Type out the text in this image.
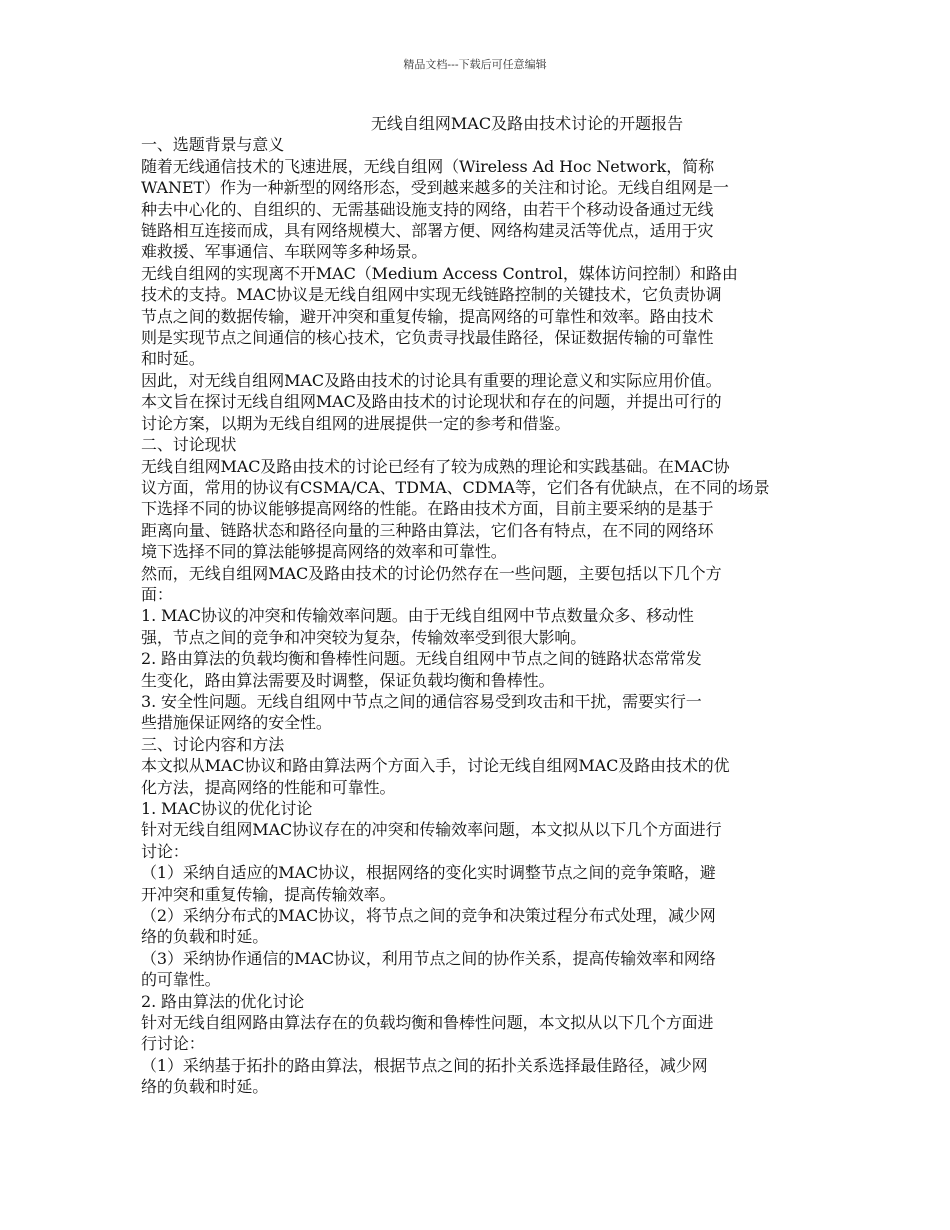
精品文档---下载后可任意编辑
无线自组网MAC及路由技术讨论的开题报告
一、选题背景与意义
随着无线通信技术的飞速进展，无线自组网（Wireless Ad Hoc Network，简称
WANET）作为一种新型的网络形态，受到越来越多的关注和讨论。无线自组网是一
种去中心化的、自组织的、无需基础设施支持的网络，由若干个移动设备通过无线
链路相互连接而成，具有网络规模大、部署方便、网络构建灵活等优点，适用于灾
难救援、军事通信、车联网等多种场景。
无线自组网的实现离不开MAC（Medium Access Control，媒体访问控制）和路由
技术的支持。MAC协议是无线自组网中实现无线链路控制的关键技术，它负责协调
节点之间的数据传输，避开冲突和重复传输，提高网络的可靠性和效率。路由技术
则是实现节点之间通信的核心技术，它负责寻找最佳路径，保证数据传输的可靠性
和时延。
因此，对无线自组网MAC及路由技术的讨论具有重要的理论意义和实际应用价值。
本文旨在探讨无线自组网MAC及路由技术的讨论现状和存在的问题，并提出可行的
讨论方案，以期为无线自组网的进展提供一定的参考和借鉴。
二、讨论现状
无线自组网MAC及路由技术的讨论已经有了较为成熟的理论和实践基础。在MAC协
议方面，常用的协议有CSMA/CA、TDMA、CDMA等，它们各有优缺点，在不同的场景
下选择不同的协议能够提高网络的性能。在路由技术方面，目前主要采纳的是基于
距离向量、链路状态和路径向量的三种路由算法，它们各有特点，在不同的网络环
境下选择不同的算法能够提高网络的效率和可靠性。
然而，无线自组网MAC及路由技术的讨论仍然存在一些问题，主要包括以下几个方
面：
1. MAC协议的冲突和传输效率问题。由于无线自组网中节点数量众多、移动性
强，节点之间的竞争和冲突较为复杂，传输效率受到很大影响。
2. 路由算法的负载均衡和鲁棒性问题。无线自组网中节点之间的链路状态常常发
生变化，路由算法需要及时调整，保证负载均衡和鲁棒性。
3. 安全性问题。无线自组网中节点之间的通信容易受到攻击和干扰，需要实行一
些措施保证网络的安全性。
三、讨论内容和方法
本文拟从MAC协议和路由算法两个方面入手，讨论无线自组网MAC及路由技术的优
化方法，提高网络的性能和可靠性。
1. MAC协议的优化讨论
针对无线自组网MAC协议存在的冲突和传输效率问题，本文拟从以下几个方面进行
讨论：
（1）采纳自适应的MAC协议，根据网络的变化实时调整节点之间的竞争策略，避
开冲突和重复传输，提高传输效率。
（2）采纳分布式的MAC协议，将节点之间的竞争和决策过程分布式处理，减少网
络的负载和时延。
（3）采纳协作通信的MAC协议，利用节点之间的协作关系，提高传输效率和网络
的可靠性。
2. 路由算法的优化讨论
针对无线自组网路由算法存在的负载均衡和鲁棒性问题，本文拟从以下几个方面进
行讨论：
（1）采纳基于拓扑的路由算法，根据节点之间的拓扑关系选择最佳路径，减少网
络的负载和时延。
